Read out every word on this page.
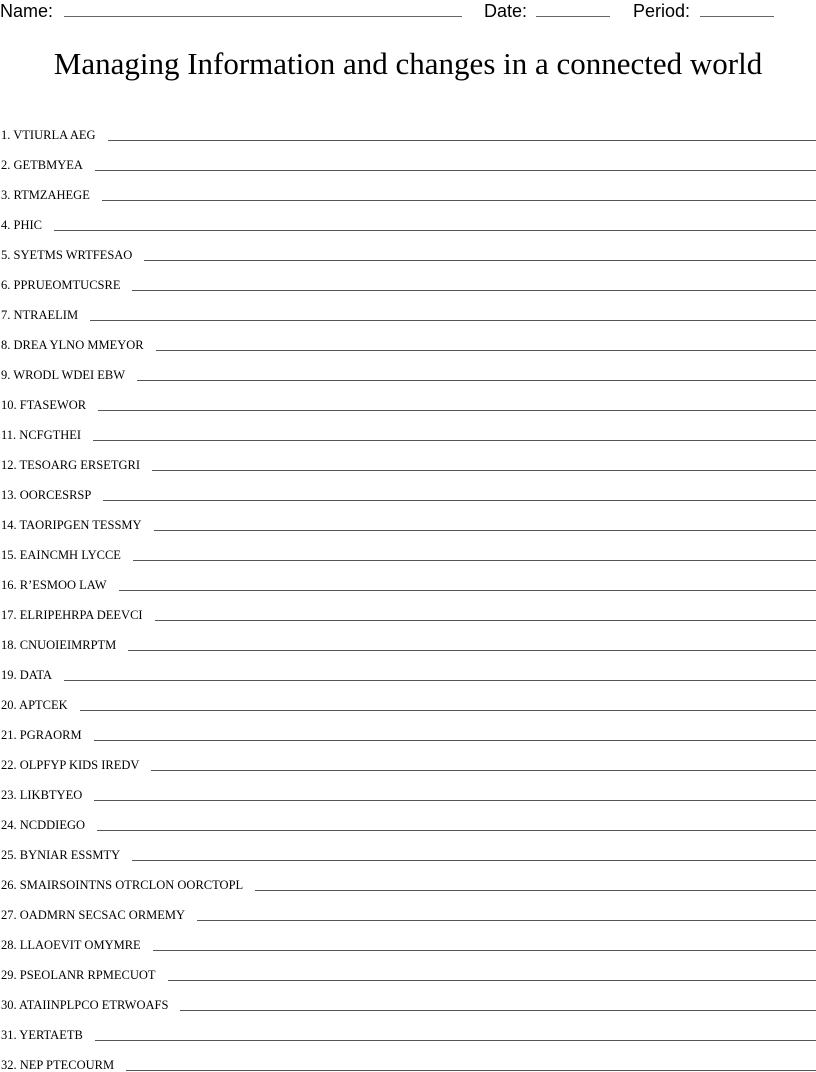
Name:	Date:	Period:
Managing Information and changes in a connected world
1. VTIURLA AEG
2. GETBMYEA
3. RTMZAHEGE
4. PHIC
5. SYETMS WRTFESAO
6. PPRUEOMTUCSRE
7. NTRAELIM
8. DREA YLNO MMEYOR
9. WRODL WDEI EBW
10. FTASEWOR
11. NCFGTHEI
12. TESOARG ERSETGRI
13. OORCESRSP
14. TAORIPGEN TESSMY
15. EAINCMH LYCCE
16. R’ESMOO LAW
17. ELRIPEHRPA DEEVCI
18. CNUOIEIMRPTM
19. DATA
20. APTCEK
21. PGRAORM
22. OLPFYP KIDS IREDV
23. LIKBTYEO
24. NCDDIEGO
25. BYNIAR ESSMTY
26. SMAIRSOINTNS OTRCLON OORCTOPL
27. OADMRN SECSAC ORMEMY
28. LLAOEVIT OMYMRE
29. PSEOLANR RPMECUOT
30. ATAIINPLPCO ETRWOAFS
31. YERTAETB
32. NEP PTECOURM
